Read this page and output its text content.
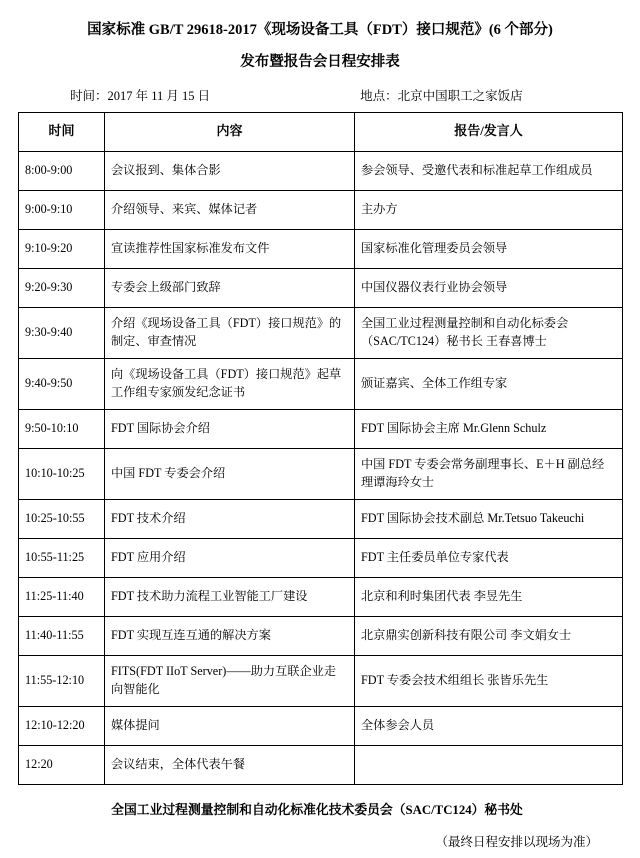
国家标准 GB/T 29618-2017《现场设备工具（FDT）接口规范》(6 个部分)
发布暨报告会日程安排表
时间：2017 年 11 月 15 日	地点：北京中国职工之家饭店
时间	内容	报告/发言人
8:00-9:00	会议报到、集体合影	参会领导、受邀代表和标准起草工作组成员
9:00-9:10	介绍领导、来宾、媒体记者	主办方
9:10-9:20	宣读推荐性国家标准发布文件	国家标准化管理委员会领导
9:20-9:30	专委会上级部门致辞	中国仪器仪表行业协会领导
9:30-9:40	介绍《现场设备工具（FDT）接口规范》的制定、审查情况	全国工业过程测量控制和自动化标委会（SAC/TC124）秘书长 王春喜博士
9:40-9:50	向《现场设备工具（FDT）接口规范》起草工作组专家颁发纪念证书	颁证嘉宾、全体工作组专家
9:50-10:10	FDT 国际协会介绍	FDT 国际协会主席 Mr.Glenn Schulz
10:10-10:25	中国 FDT 专委会介绍	中国 FDT 专委会常务副理事长、E＋H 副总经理谭海玲女士
10:25-10:55	FDT 技术介绍	FDT 国际协会技术副总 Mr.Tetsuo Takeuchi
10:55-11:25	FDT 应用介绍	FDT 主任委员单位专家代表
11:25-11:40	FDT 技术助力流程工业智能工厂建设	北京和利时集团代表 李昱先生
11:40-11:55	FDT 实现互连互通的解决方案	北京鼎实创新科技有限公司 李文娟女士
11:55-12:10	FITS(FDT IIoT Server)——助力互联企业走向智能化	FDT 专委会技术组组长 张皆乐先生
12:10-12:20	媒体提问	全体参会人员
12:20	会议结束，全体代表午餐	
全国工业过程测量控制和自动化标准化技术委员会（SAC/TC124）秘书处
（最终日程安排以现场为准）
